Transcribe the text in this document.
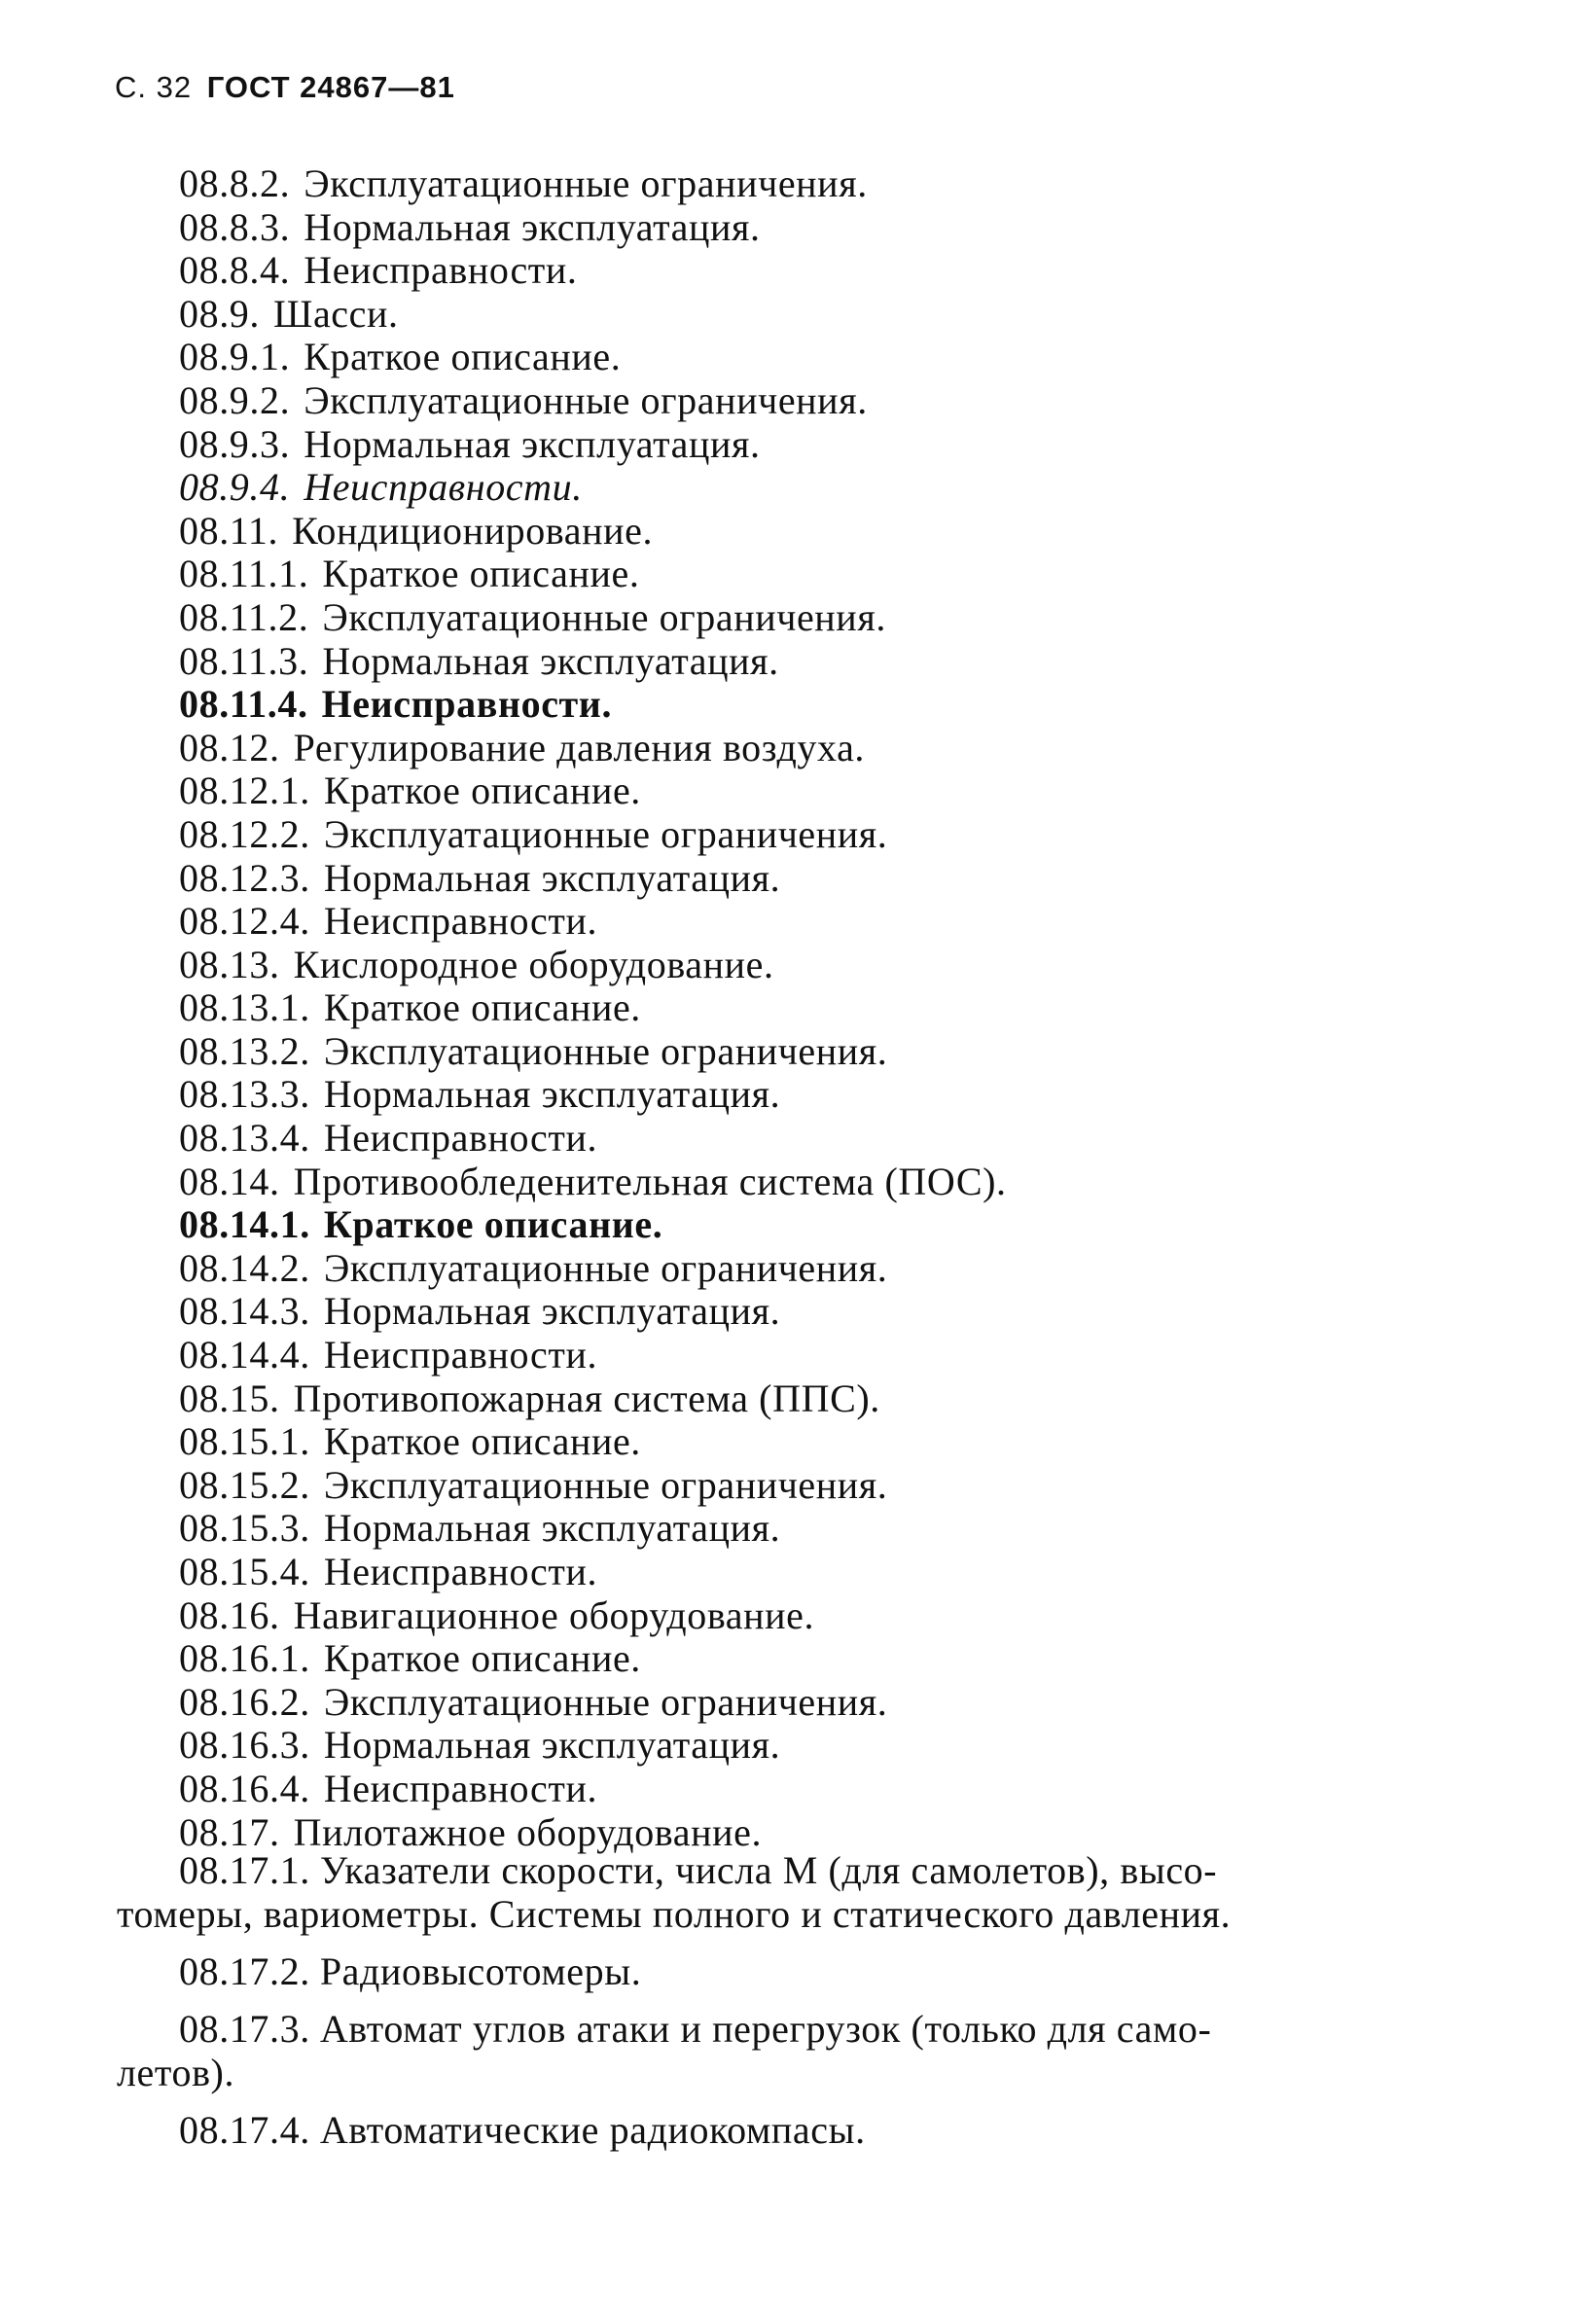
С. 32 ГОСТ 24867—81
08.8.2. Эксплуатационные ограничения.
08.8.3. Нормальная эксплуатация.
08.8.4. Неисправности.
08.9. Шасси.
08.9.1. Краткое описание.
08.9.2. Эксплуатационные ограничения.
08.9.3. Нормальная эксплуатация.
08.9.4. Неисправности.
08.11. Кондиционирование.
08.11.1. Краткое описание.
08.11.2. Эксплуатационные ограничения.
08.11.3. Нормальная эксплуатация.
08.11.4. Неисправности.
08.12. Регулирование давления воздуха.
08.12.1. Краткое описание.
08.12.2. Эксплуатационные ограничения.
08.12.3. Нормальная эксплуатация.
08.12.4. Неисправности.
08.13. Кислородное оборудование.
08.13.1. Краткое описание.
08.13.2. Эксплуатационные ограничения.
08.13.3. Нормальная эксплуатация.
08.13.4. Неисправности.
08.14. Противообледенительная система (ПОС).
08.14.1. Краткое описание.
08.14.2. Эксплуатационные ограничения.
08.14.3. Нормальная эксплуатация.
08.14.4. Неисправности.
08.15. Противопожарная система (ППС).
08.15.1. Краткое описание.
08.15.2. Эксплуатационные ограничения.
08.15.3. Нормальная эксплуатация.
08.15.4. Неисправности.
08.16. Навигационное оборудование.
08.16.1. Краткое описание.
08.16.2. Эксплуатационные ограничения.
08.16.3. Нормальная эксплуатация.
08.16.4. Неисправности.
08.17. Пилотажное оборудование.

08.17.1. Указатели скорости, числа М (для самолетов), высо-
томеры, вариометры. Системы полного и статического давления.

08.17.2. Радиовысотомеры.

08.17.3. Автомат углов атаки и перегрузок (только для само-
летов).

08.17.4. Автоматические радиокомпасы.
